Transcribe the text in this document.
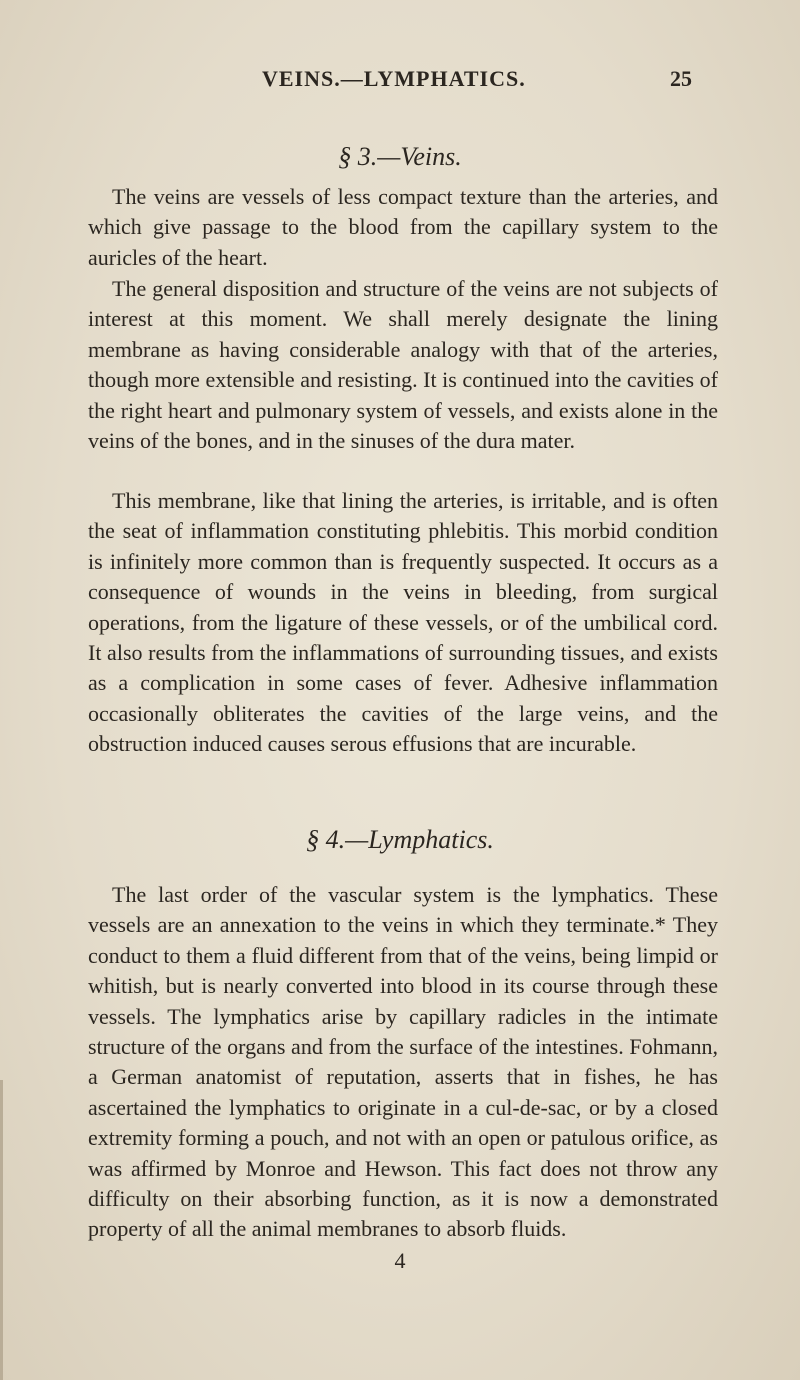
VEINS.—LYMPHATICS.	25
§ 3.—Veins.

The veins are vessels of less compact texture than the arteries, and which give passage to the blood from the capillary system to the auricles of the heart.

The general disposition and structure of the veins are not subjects of interest at this moment. We shall merely designate the lining membrane as having considerable analogy with that of the arteries, though more extensible and resisting. It is continued into the cavities of the right heart and pulmonary system of vessels, and exists alone in the veins of the bones, and in the sinuses of the dura mater.

This membrane, like that lining the arteries, is irritable, and is often the seat of inflammation constituting phlebitis. This morbid condition is infinitely more common than is frequently suspected. It occurs as a consequence of wounds in the veins in bleeding, from surgical operations, from the ligature of these vessels, or of the umbilical cord. It also results from the inflammations of surrounding tissues, and exists as a complication in some cases of fever. Adhesive inflammation occasionally obliterates the cavities of the large veins, and the obstruction induced causes serous effusions that are incurable.

§ 4.—Lymphatics.

The last order of the vascular system is the lymphatics. These vessels are an annexation to the veins in which they terminate.* They conduct to them a fluid different from that of the veins, being limpid or whitish, but is nearly converted into blood in its course through these vessels. The lymphatics arise by capillary radicles in the intimate structure of the organs and from the surface of the intestines. Fohmann, a German anatomist of reputation, asserts that in fishes, he has ascertained the lymphatics to originate in a cul-de-sac, or by a closed extremity forming a pouch, and not with an open or patulous orifice, as was affirmed by Monroe and Hewson. This fact does not throw any difficulty on their absorbing function, as it is now a demonstrated property of all the animal membranes to absorb fluids.

4
